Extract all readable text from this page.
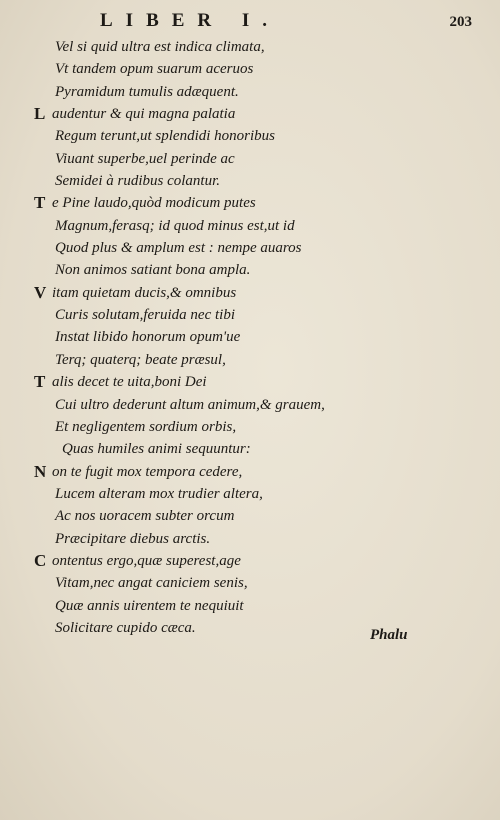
LIBER I.	203
Vel si quid ultra est indica climata,
Vt tandem opum suarum aceruos
Pyramidum tumulis adæquent.
L audentur & qui magna palatia
Regum terunt,ut splendidi honoribus
Viuant superbe,uel perinde ac
Semidei à rudibus colantur.
T e Pine laudo,quòd modicum putes
Magnum,ferasq; id quod minus est,ut id
Quod plus & amplum est : nempe auaros
Non animos satiant bona ampla.
V itam quietam ducis,& omnibus
Curis solutam,feruida nec tibi
Instat libido honorum opum'ue
Terq; quaterq; beate præsul,
T alis decet te uita,boni Dei
Cui ultro dederunt altum animum,& grauem,
Et negligentem sordium orbis,
Quas humiles animi sequuntur:
N on te fugit mox tempora cedere,
Lucem alteram mox trudier altera,
Ac nos uoracem subter orcum
Præcipitare diebus arctis.
C ontentus ergo,quæ superest,age
Vitam,nec angat caniciem senis,
Quæ annis uirentem te nequiuit
Solicitare cupido cæca.	Phalu
